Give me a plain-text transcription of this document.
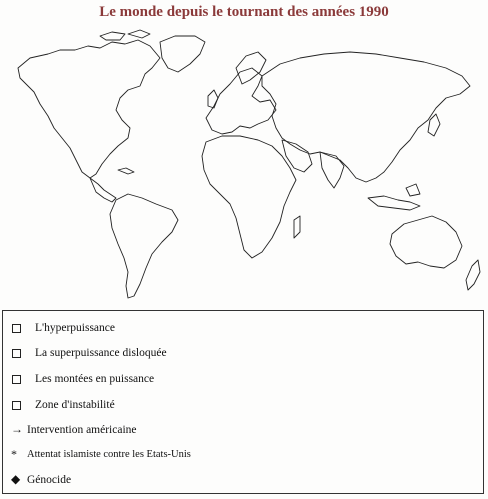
Le monde depuis le tournant des années 1990
L'hyperpuissance
La superpuissance disloquée
Les montées en puissance
Zone d'instabilité
→ Intervention américaine
* Attentat islamiste contre les Etats-Unis
◆ Génocide
